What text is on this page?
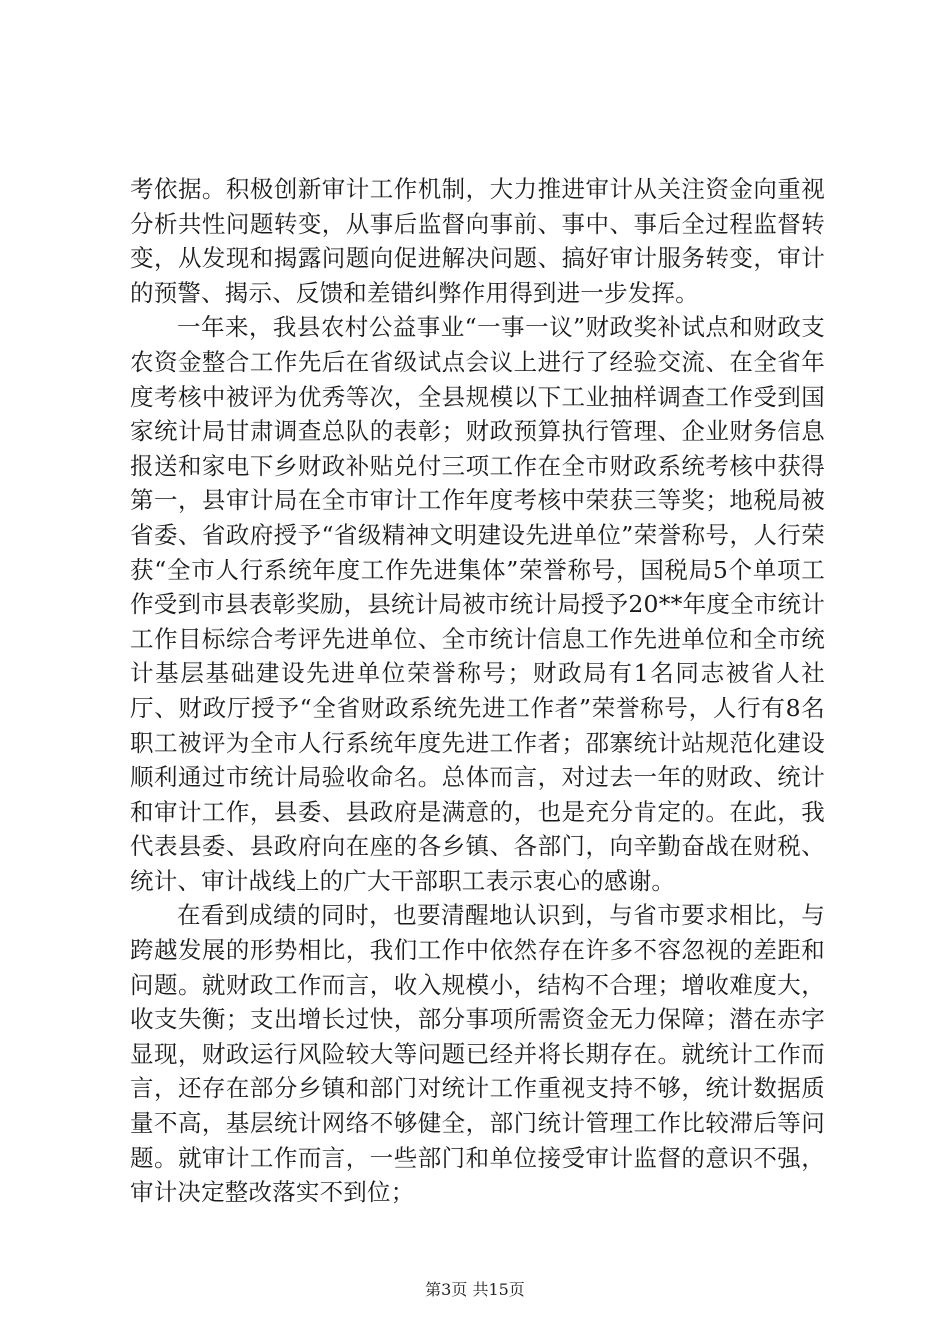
考依据。积极创新审计工作机制，大力推进审计从关注资金向重视分析共性问题转变，从事后监督向事前、事中、事后全过程监督转变，从发现和揭露问题向促进解决问题、搞好审计服务转变，审计的预警、揭示、反馈和差错纠弊作用得到进一步发挥。

一年来，我县农村公益事业“一事一议”财政奖补试点和财政支农资金整合工作先后在省级试点会议上进行了经验交流、在全省年度考核中被评为优秀等次，全县规模以下工业抽样调查工作受到国家统计局甘肃调查总队的表彰；财政预算执行管理、企业财务信息报送和家电下乡财政补贴兑付三项工作在全市财政系统考核中获得第一，县审计局在全市审计工作年度考核中荣获三等奖；地税局被省委、省政府授予“省级精神文明建设先进单位”荣誉称号，人行荣获“全市人行系统年度工作先进集体”荣誉称号，国税局5个单项工作受到市县表彰奖励，县统计局被市统计局授予20**年度全市统计工作目标综合考评先进单位、全市统计信息工作先进单位和全市统计基层基础建设先进单位荣誉称号；财政局有1名同志被省人社厅、财政厅授予“全省财政系统先进工作者”荣誉称号，人行有8名职工被评为全市人行系统年度先进工作者；邵寨统计站规范化建设顺利通过市统计局验收命名。总体而言，对过去一年的财政、统计和审计工作，县委、县政府是满意的，也是充分肯定的。在此，我代表县委、县政府向在座的各乡镇、各部门，向辛勤奋战在财税、统计、审计战线上的广大干部职工表示衷心的感谢。

在看到成绩的同时，也要清醒地认识到，与省市要求相比，与跨越发展的形势相比，我们工作中依然存在许多不容忽视的差距和问题。就财政工作而言，收入规模小，结构不合理；增收难度大，收支失衡；支出增长过快，部分事项所需资金无力保障；潜在赤字显现，财政运行风险较大等问题已经并将长期存在。就统计工作而言，还存在部分乡镇和部门对统计工作重视支持不够，统计数据质量不高，基层统计网络不够健全，部门统计管理工作比较滞后等问题。就审计工作而言，一些部门和单位接受审计监督的意识不强，审计决定整改落实不到位；

第3页 共15页
